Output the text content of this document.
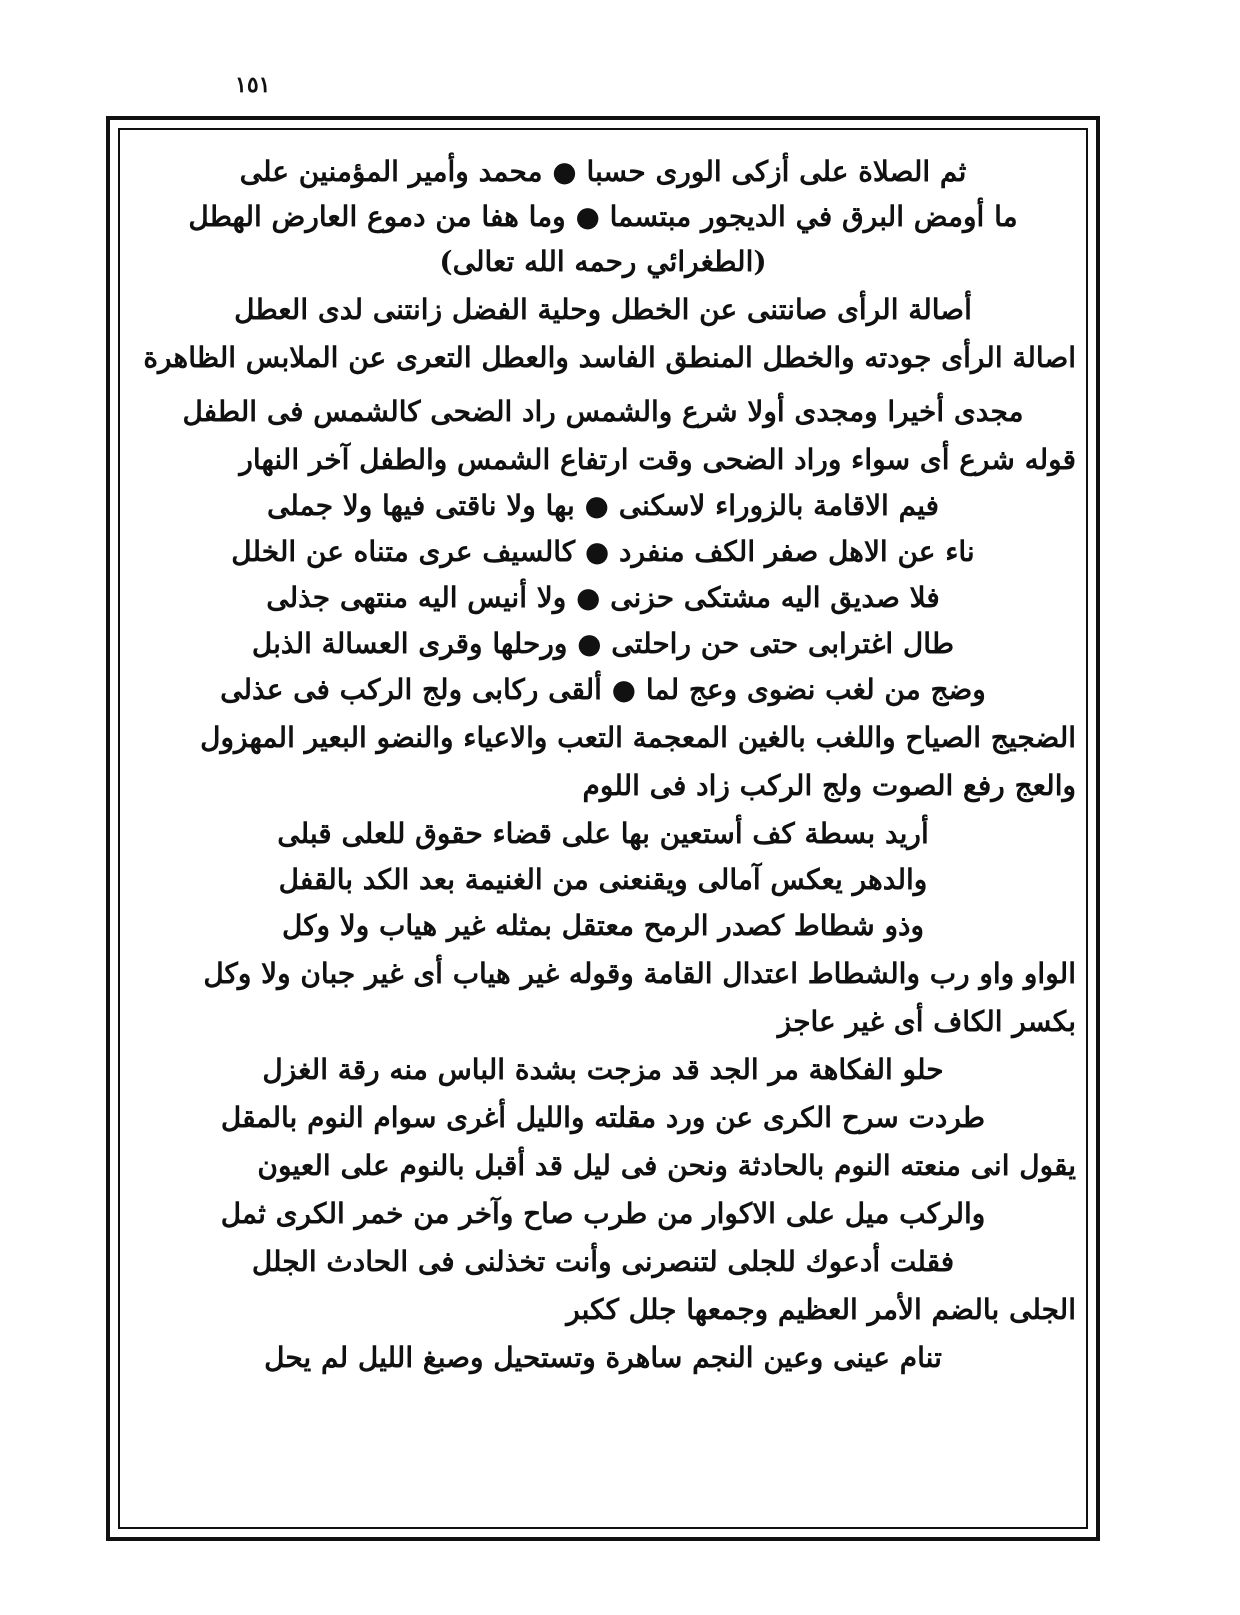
١٥١
ثم الصلاة على أزكى الورى حسبا ● محمد وأمير المؤمنين على
ما أومض البرق في الديجور مبتسما ● وما هفا من دموع العارض الهطل
(الطغرائي رحمه الله تعالى)
أصالة الرأى صانتنى عن الخطل وحلية الفضل زانتنى لدى العطل
اصالة الرأى جودته والخطل المنطق الفاسد والعطل التعرى عن الملابس الظاهرة
مجدى أخيرا ومجدى أولا شرع والشمس راد الضحى كالشمس فى الطفل
قوله شرع أى سواء وراد الضحى وقت ارتفاع الشمس والطفل آخر النهار
فيم الاقامة بالزوراء لاسكنى ● بها ولا ناقتى فيها ولا جملى
ناء عن الاهل صفر الكف منفرد ● كالسيف عرى متناه عن الخلل
فلا صديق اليه مشتكى حزنى ● ولا أنيس اليه منتهى جذلى
طال اغترابى حتى حن راحلتى ● ورحلها وقرى العسالة الذبل
وضج من لغب نضوى وعج لما ● ألقى ركابى ولج الركب فى عذلى
الضجيج الصياح واللغب بالغين المعجمة التعب والاعياء والنضو البعير المهزول
والعج رفع الصوت ولج الركب زاد فى اللوم
أريد بسطة كف أستعين بها على قضاء حقوق للعلى قبلى
والدهر يعكس آمالى ويقنعنى من الغنيمة بعد الكد بالقفل
وذو شطاط كصدر الرمح معتقل بمثله غير هياب ولا وكل
الواو واو رب والشطاط اعتدال القامة وقوله غير هياب أى غير جبان ولا وكل
بكسر الكاف أى غير عاجز
حلو الفكاهة مر الجد قد مزجت بشدة الباس منه رقة الغزل
طردت سرح الكرى عن ورد مقلته والليل أغرى سوام النوم بالمقل
يقول انى منعته النوم بالحادثة ونحن فى ليل قد أقبل بالنوم على العيون
والركب ميل على الاكوار من طرب صاح وآخر من خمر الكرى ثمل
فقلت أدعوك للجلى لتنصرنى وأنت تخذلنى فى الحادث الجلل
الجلى بالضم الأمر العظيم وجمعها جلل ككبر
تنام عينى وعين النجم ساهرة وتستحيل وصبغ الليل لم يحل
